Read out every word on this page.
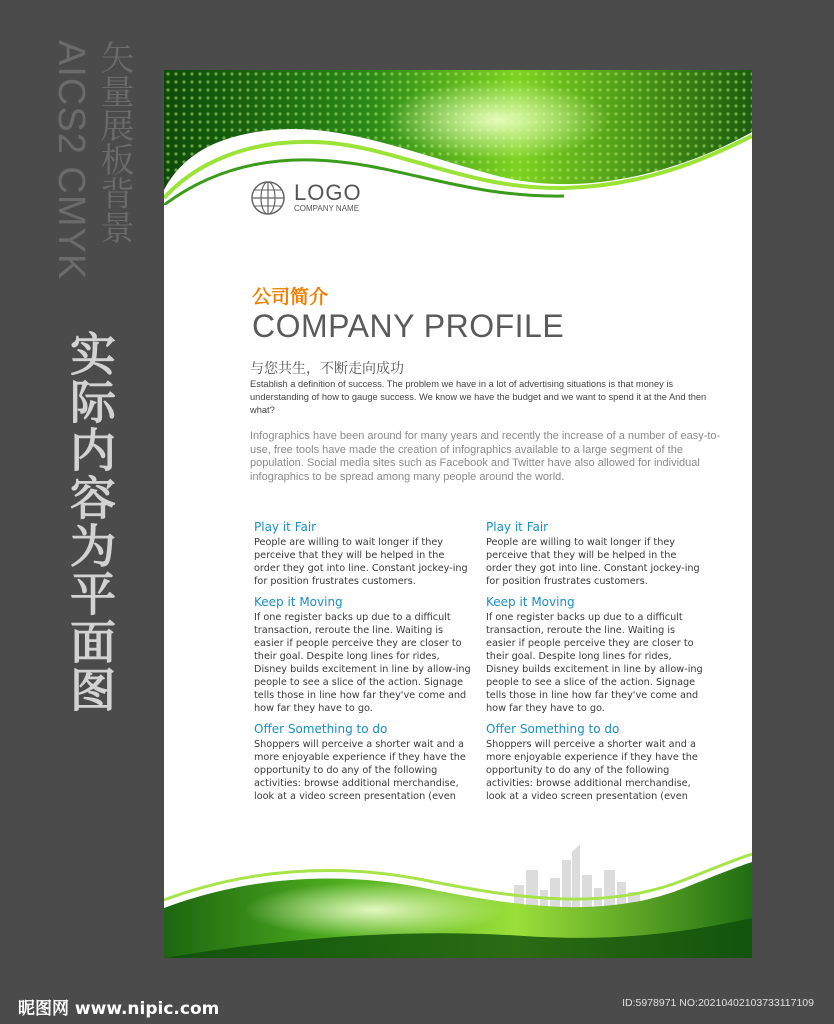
AICS2 CMYK 矢量展板背景
实际内容为平面图
LOGO
COMPANY NAME
公司简介
COMPANY PROFILE
与您共生，不断走向成功
Establish a definition of success. The problem we have in a lot of advertising situations is that money is understanding of how to gauge success. We know we have the budget and we want to spend it at the And then what?
Infographics have been around for many years and recently the increase of a number of easy-to-use, free tools have made the creation of infographics available to a large segment of the population. Social media sites such as Facebook and Twitter have also allowed for individual infographics to be spread among many people around the world.
Play it Fair
People are willing to wait longer if they perceive that they will be helped in the order they got into line. Constant jockey-ing for position frustrates customers.
Keep it Moving
If one register backs up due to a difficult transaction, reroute the line. Waiting is easier if people perceive they are closer to their goal. Despite long lines for rides, Disney builds excitement in line by allow-ing people to see a slice of the action. Signage tells those in line how far they've come and how far they have to go.
Offer Something to do
Shoppers will perceive a shorter wait and a more enjoyable experience if they have the opportunity to do any of the following activities: browse additional merchandise, look at a video screen presentation (even
Play it Fair
People are willing to wait longer if they perceive that they will be helped in the order they got into line. Constant jockey-ing for position frustrates customers.
Keep it Moving
If one register backs up due to a difficult transaction, reroute the line. Waiting is easier if people perceive they are closer to their goal. Despite long lines for rides, Disney builds excitement in line by allow-ing people to see a slice of the action. Signage tells those in line how far they've come and how far they have to go.
Offer Something to do
Shoppers will perceive a shorter wait and a more enjoyable experience if they have the opportunity to do any of the following activities: browse additional merchandise, look at a video screen presentation (even
昵图网 www.nipic.com	ID:5978971 NO:20210402103733117109
